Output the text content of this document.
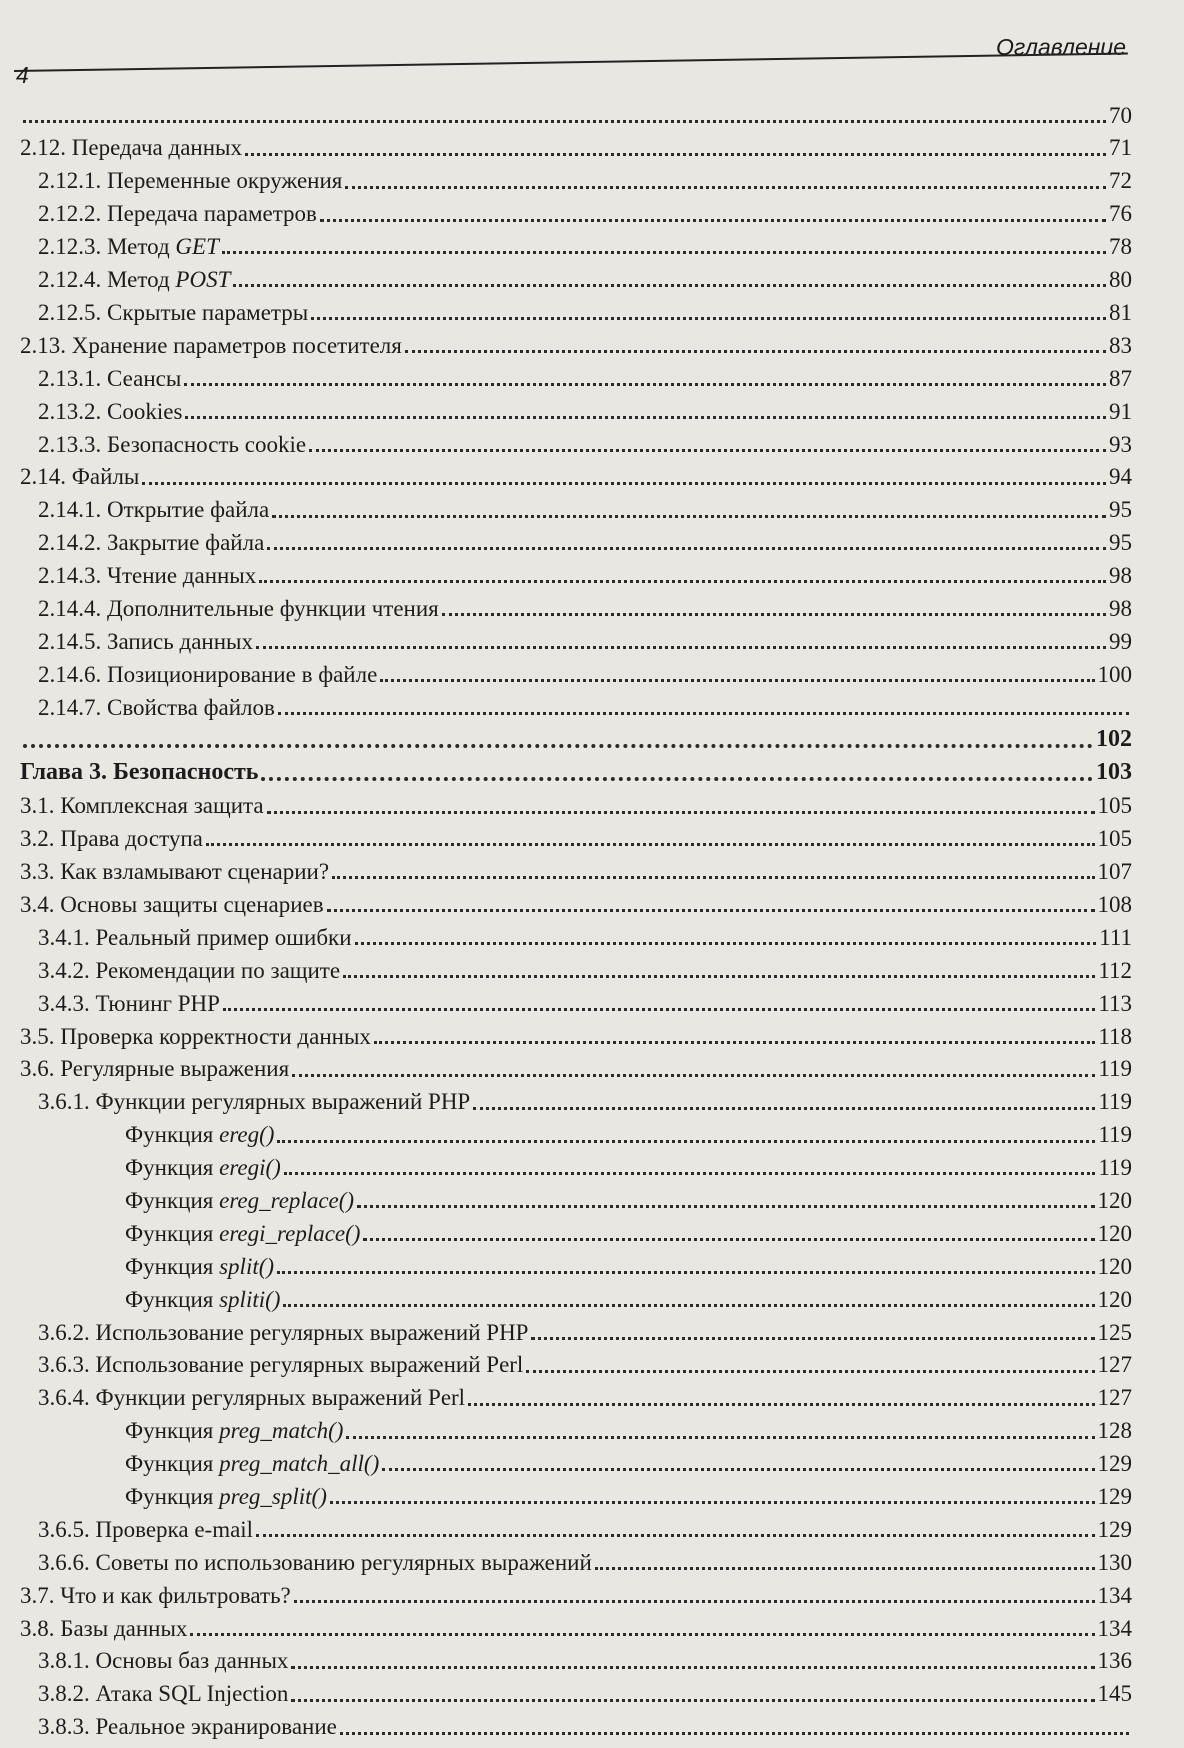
Оглавление
4
70
2.12. Передача данных	71
2.12.1. Переменные окружения	72
2.12.2. Передача параметров	76
2.12.3. Метод GET	78
2.12.4. Метод POST	80
2.12.5. Скрытые параметры	81
2.13. Хранение параметров посетителя	83
2.13.1. Сеансы	87
2.13.2. Cookies	91
2.13.3. Безопасность cookie	93
2.14. Файлы	94
2.14.1. Открытие файла	95
2.14.2. Закрытие файла	95
2.14.3. Чтение данных	98
2.14.4. Дополнительные функции чтения	98
2.14.5. Запись данных	99
2.14.6. Позиционирование в файле	100
2.14.7. Свойства файлов
102
Глава 3. Безопасность	103
3.1. Комплексная защита	105
3.2. Права доступа	105
3.3. Как взламывают сценарии?	107
3.4. Основы защиты сценариев	108
3.4.1. Реальный пример ошибки	111
3.4.2. Рекомендации по защите	112
3.4.3. Тюнинг PHP	113
3.5. Проверка корректности данных	118
3.6. Регулярные выражения	119
3.6.1. Функции регулярных выражений PHP	119
Функция ereg()	119
Функция eregi()	119
Функция ereg_replace()	120
Функция eregi_replace()	120
Функция split()	120
Функция spliti()	120
3.6.2. Использование регулярных выражений PHP	125
3.6.3. Использование регулярных выражений Perl	127
3.6.4. Функции регулярных выражений Perl	127
Функция preg_match()	128
Функция preg_match_all()	129
Функция preg_split()	129
3.6.5. Проверка e-mail	129
3.6.6. Советы по использованию регулярных выражений	130
3.7. Что и как фильтровать?	134
3.8. Базы данных	134
3.8.1. Основы баз данных	136
3.8.2. Атака SQL Injection	145
3.8.3. Реальное экранирование
